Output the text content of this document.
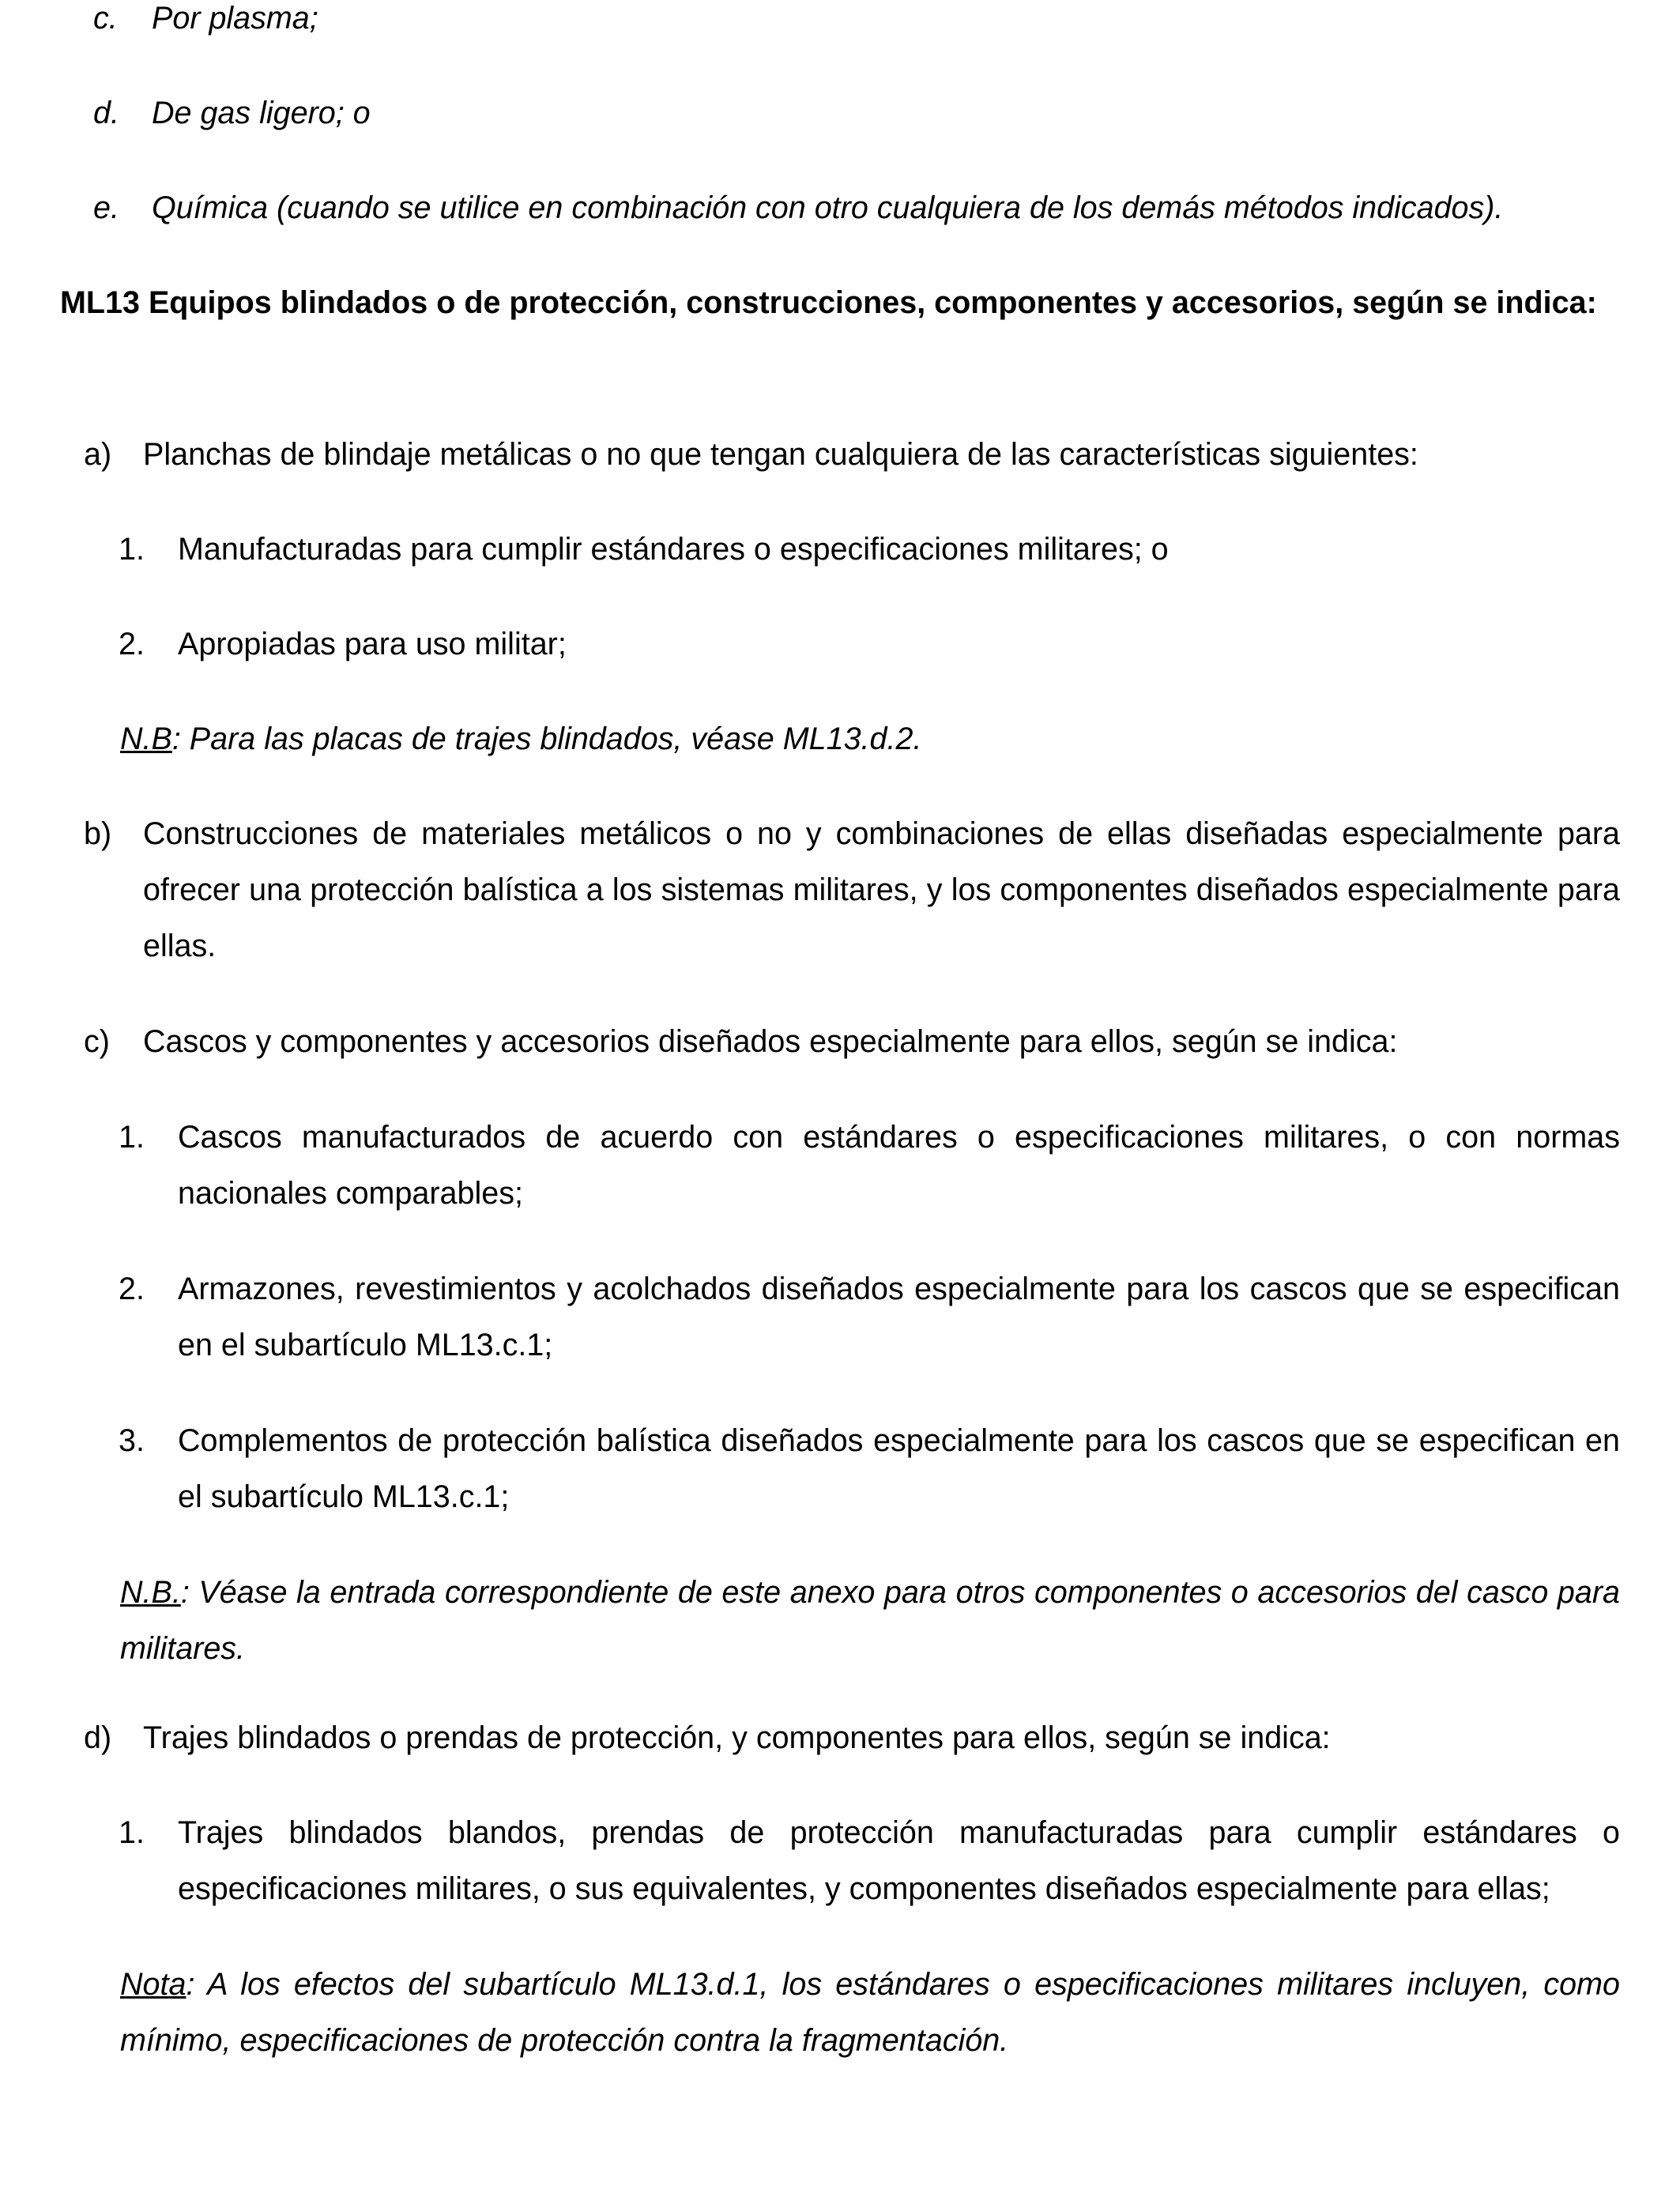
c.	Por plasma;
d.	De gas ligero; o
e.	Química (cuando se utilice en combinación con otro cualquiera de los demás métodos indicados).
ML13 Equipos blindados o de protección, construcciones, componentes y accesorios, según se indica:
a)	Planchas de blindaje metálicas o no que tengan cualquiera de las características siguientes:
1.	Manufacturadas para cumplir estándares o especificaciones militares; o
2.	Apropiadas para uso militar;
N.B: Para las placas de trajes blindados, véase ML13.d.2.
b)	Construcciones de materiales metálicos o no y combinaciones de ellas diseñadas especialmente para ofrecer una protección balística a los sistemas militares, y los componentes diseñados especialmente para ellas.
c)	Cascos y componentes y accesorios diseñados especialmente para ellos, según se indica:
1.	Cascos manufacturados de acuerdo con estándares o especificaciones militares, o con normas nacionales comparables;
2.	Armazones, revestimientos y acolchados diseñados especialmente para los cascos que se especifican en el subartículo ML13.c.1;
3.	Complementos de protección balística diseñados especialmente para los cascos que se especifican en el subartículo ML13.c.1;
N.B.: Véase la entrada correspondiente de este anexo para otros componentes o accesorios del casco para militares.
d)	Trajes blindados o prendas de protección, y componentes para ellos, según se indica:
1.	Trajes blindados blandos, prendas de protección manufacturadas para cumplir estándares o especificaciones militares, o sus equivalentes, y componentes diseñados especialmente para ellas;
Nota: A los efectos del subartículo ML13.d.1, los estándares o especificaciones militares incluyen, como mínimo, especificaciones de protección contra la fragmentación.
